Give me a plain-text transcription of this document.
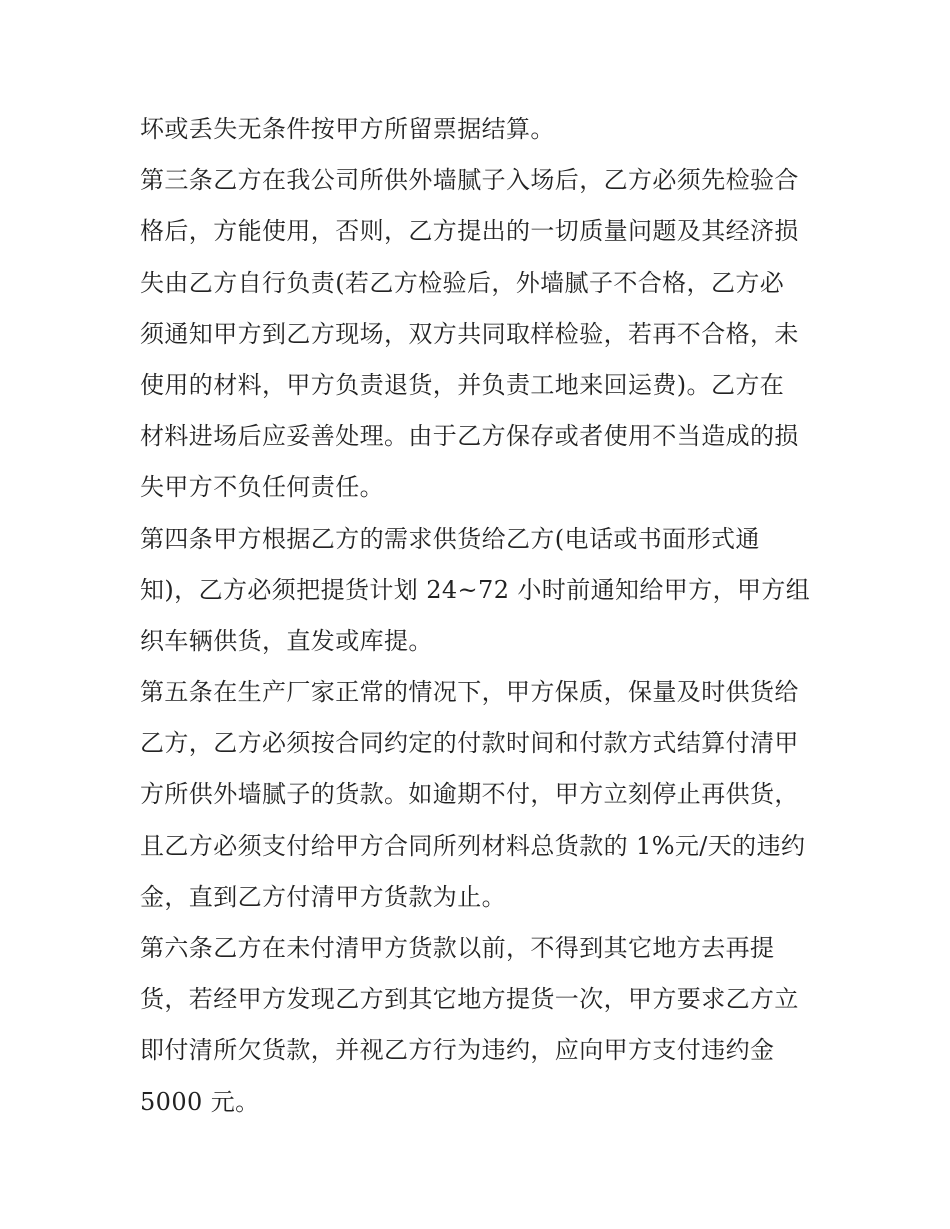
坏或丢失无条件按甲方所留票据结算。
第三条乙方在我公司所供外墙腻子入场后，乙方必须先检验合
格后，方能使用，否则，乙方提出的一切质量问题及其经济损
失由乙方自行负责(若乙方检验后，外墙腻子不合格，乙方必
须通知甲方到乙方现场，双方共同取样检验，若再不合格，未
使用的材料，甲方负责退货，并负责工地来回运费)。乙方在
材料进场后应妥善处理。由于乙方保存或者使用不当造成的损
失甲方不负任何责任。
第四条甲方根据乙方的需求供货给乙方(电话或书面形式通
知)，乙方必须把提货计划 24~72 小时前通知给甲方，甲方组
织车辆供货，直发或库提。
第五条在生产厂家正常的情况下，甲方保质，保量及时供货给
乙方，乙方必须按合同约定的付款时间和付款方式结算付清甲
方所供外墙腻子的货款。如逾期不付，甲方立刻停止再供货，
且乙方必须支付给甲方合同所列材料总货款的 1%元/天的违约
金，直到乙方付清甲方货款为止。
第六条乙方在未付清甲方货款以前，不得到其它地方去再提
货，若经甲方发现乙方到其它地方提货一次，甲方要求乙方立
即付清所欠货款，并视乙方行为违约，应向甲方支付违约金
5000 元。
